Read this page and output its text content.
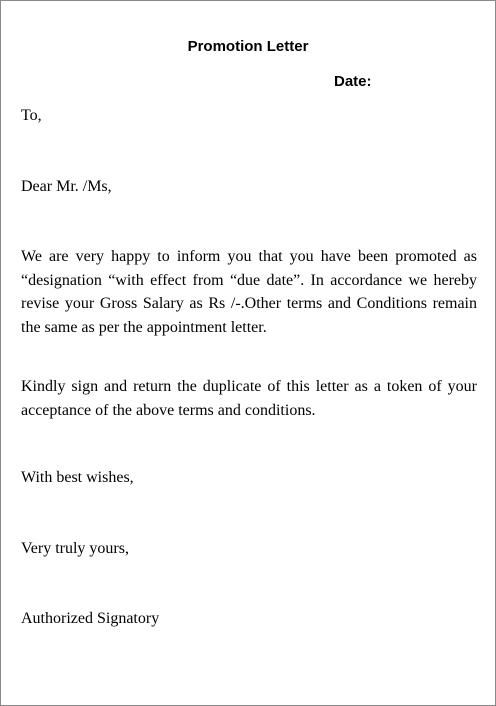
Promotion Letter
Date:

To,

Dear Mr. /Ms,

We are very happy to inform you that you have been promoted as “designation “with effect from “due date”. In accordance we hereby revise your Gross Salary as Rs /-.Other terms and Conditions remain the same as per the appointment letter.

Kindly sign and return the duplicate of this letter as a token of your acceptance of the above terms and conditions.

With best wishes,

Very truly yours,

Authorized Signatory
